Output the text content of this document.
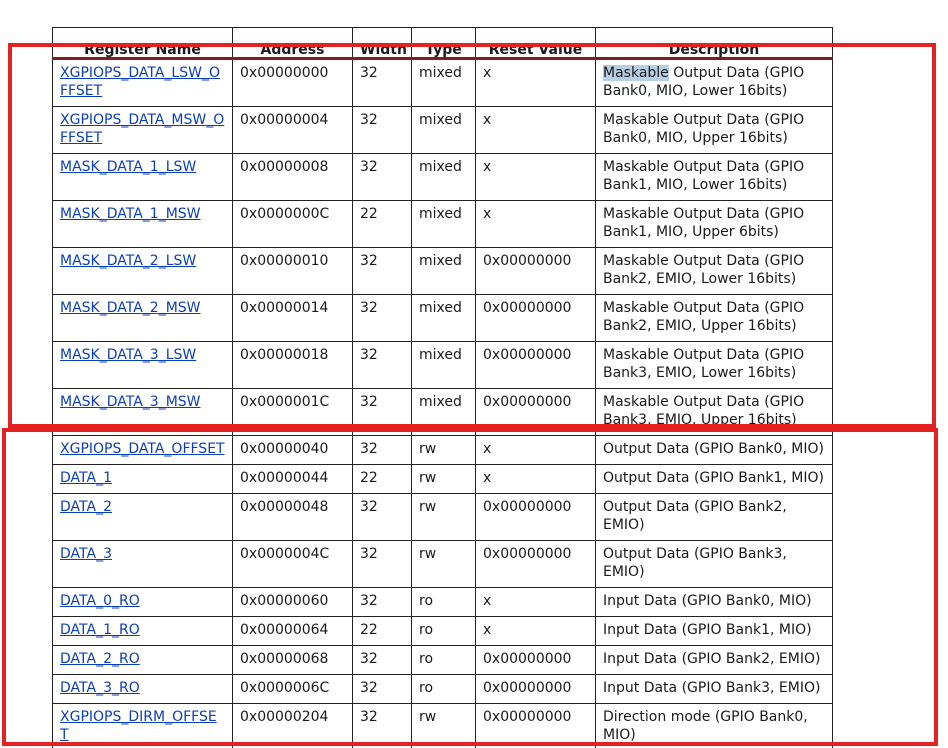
Register Name	Address	Width	Type	Reset Value	Description
XGPIOPS_DATA_LSW_OFFSET	0x00000000	32	mixed	x	Maskable Output Data (GPIO Bank0, MIO, Lower 16bits)
XGPIOPS_DATA_MSW_OFFSET	0x00000004	32	mixed	x	Maskable Output Data (GPIO Bank0, MIO, Upper 16bits)
MASK_DATA_1_LSW	0x00000008	32	mixed	x	Maskable Output Data (GPIO Bank1, MIO, Lower 16bits)
MASK_DATA_1_MSW	0x0000000C	22	mixed	x	Maskable Output Data (GPIO Bank1, MIO, Upper 6bits)
MASK_DATA_2_LSW	0x00000010	32	mixed	0x00000000	Maskable Output Data (GPIO Bank2, EMIO, Lower 16bits)
MASK_DATA_2_MSW	0x00000014	32	mixed	0x00000000	Maskable Output Data (GPIO Bank2, EMIO, Upper 16bits)
MASK_DATA_3_LSW	0x00000018	32	mixed	0x00000000	Maskable Output Data (GPIO Bank3, EMIO, Lower 16bits)
MASK_DATA_3_MSW	0x0000001C	32	mixed	0x00000000	Maskable Output Data (GPIO Bank3, EMIO, Upper 16bits)
XGPIOPS_DATA_OFFSET	0x00000040	32	rw	x	Output Data (GPIO Bank0, MIO)
DATA_1	0x00000044	22	rw	x	Output Data (GPIO Bank1, MIO)
DATA_2	0x00000048	32	rw	0x00000000	Output Data (GPIO Bank2, EMIO)
DATA_3	0x0000004C	32	rw	0x00000000	Output Data (GPIO Bank3, EMIO)
DATA_0_RO	0x00000060	32	ro	x	Input Data (GPIO Bank0, MIO)
DATA_1_RO	0x00000064	22	ro	x	Input Data (GPIO Bank1, MIO)
DATA_2_RO	0x00000068	32	ro	0x00000000	Input Data (GPIO Bank2, EMIO)
DATA_3_RO	0x0000006C	32	ro	0x00000000	Input Data (GPIO Bank3, EMIO)
XGPIOPS_DIRM_OFFSET	0x00000204	32	rw	0x00000000	Direction mode (GPIO Bank0, MIO)
